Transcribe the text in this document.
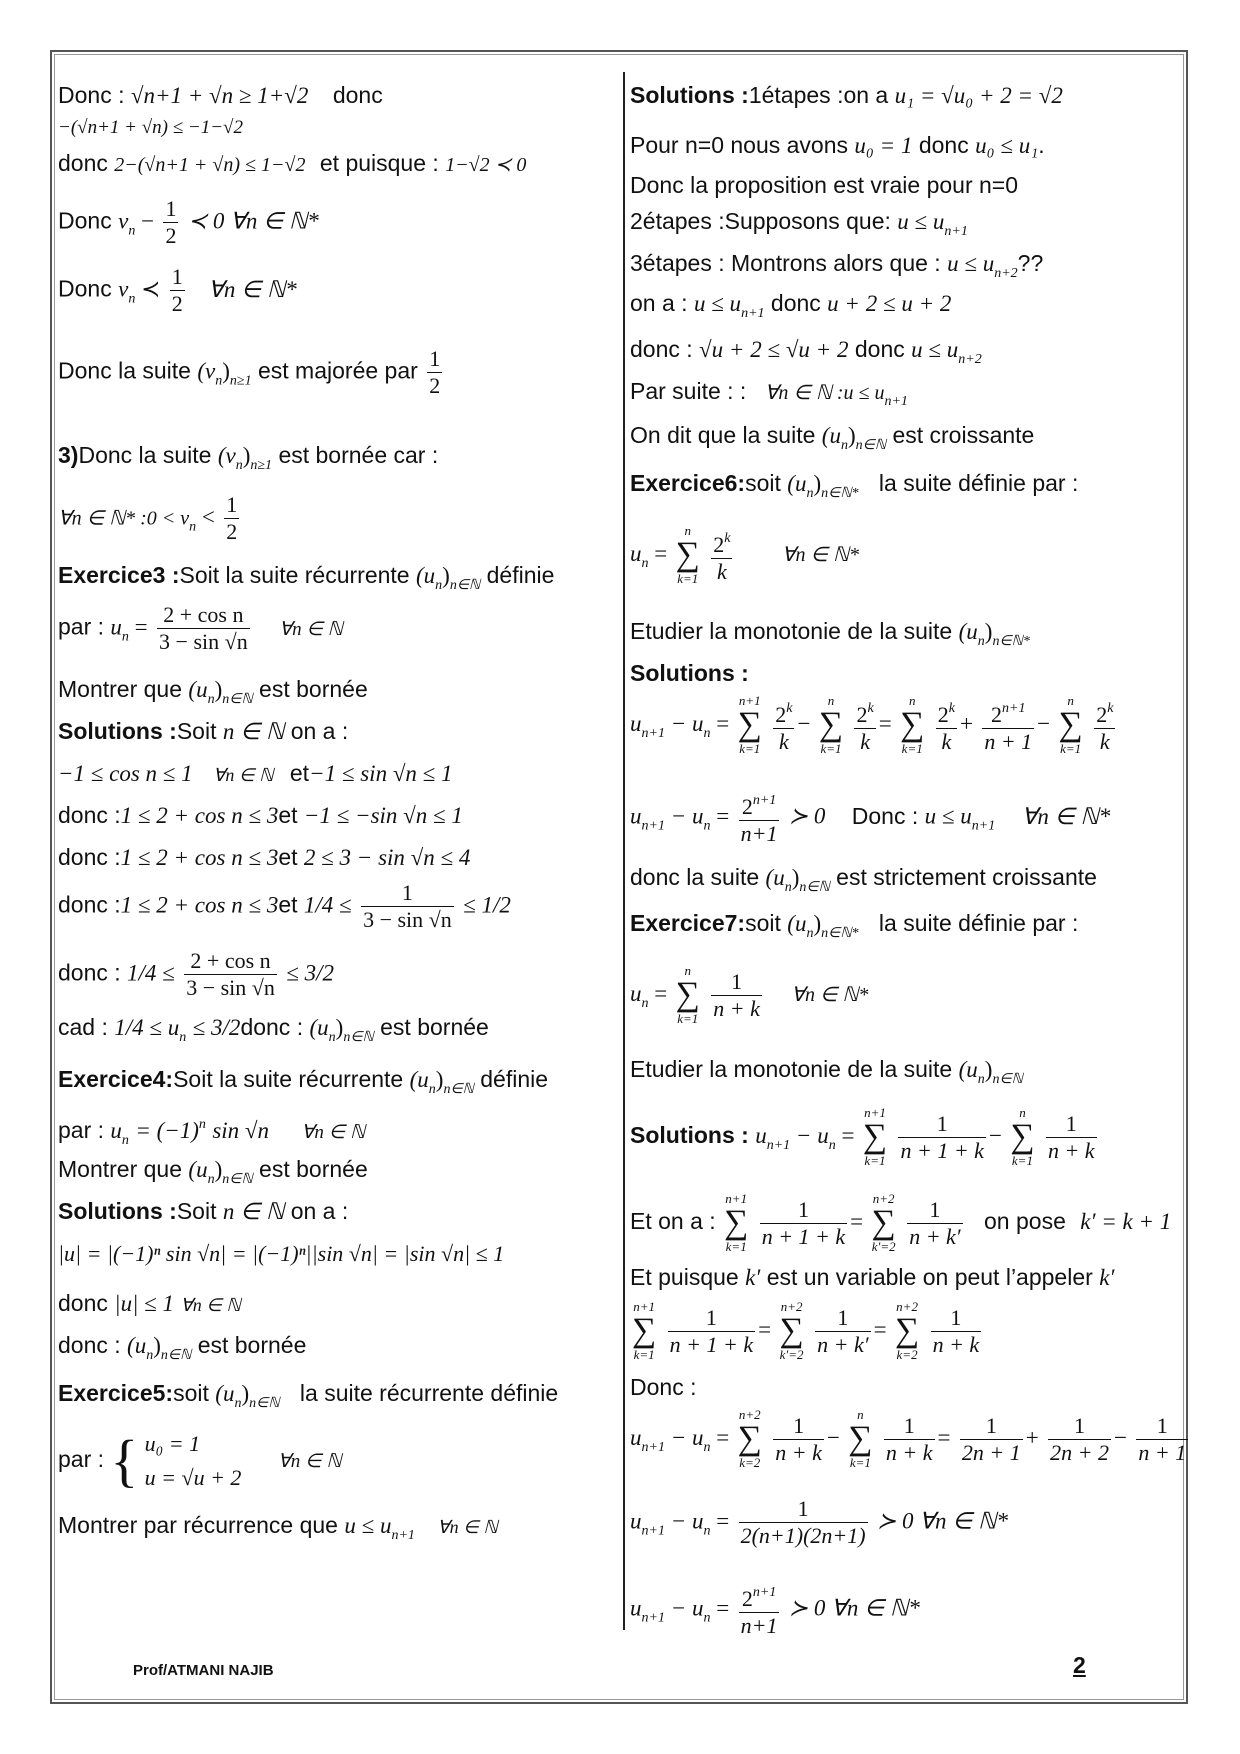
Donc : √n+1 + √n ≥ 1+√2 donc
−(√n+1 + √n) ≤ −1−√2
donc 2−(√n+1 + √n) ≤ 1−√2 et puisque : 1−√2 ≺ 0
Donc $v_n - \frac{1}{2}$ ≺ 0 ∀n ∈ ℕ*
Donc $v_n$ ≺ $\frac{1}{2}$ ∀n ∈ ℕ*
Donc la suite $(v_n)_{n\ge 1}$ est majorée par $\frac{1}{2}$
3)Donc la suite $(v_n)_{n\ge 1}$ est bornée car :
∀n ∈ ℕ* :0 < $v_n < \frac{1}{2}$
Exercice3 :Soit la suite récurrente $(u_n)_{n\in ℕ}$ définie
par : $u_n = \frac{\text{2 + cos n}}{3 - \sin √n}$ ∀n ∈ ℕ
Montrer que $(u_n)_{n\in ℕ}$ est bornée
Solutions :Soit n ∈ ℕ on a :
−1 ≤ cos n ≤ 1 ∀n ∈ ℕ et−1 ≤ sin √n ≤ 1
donc :1 ≤ 2 + cos n ≤ 3et −1 ≤ −sin √n ≤ 1
donc :1 ≤ 2 + cos n ≤ 3et 2 ≤ 3 − sin √n ≤ 4
donc :1 ≤ 2 + cos n ≤ 3et $1/4 \le \frac{1}{3 - \sin √n} \le 1/2$
donc : $1/4 \le \frac{\text{2 + cos n}}{3 - \sin √n} \le 3/2$
cad : $1/4 \le u_n$ ≤ 3/2donc : $(u_n)_{n\in ℕ}$ est bornée
Exercice4:Soit la suite récurrente $(u_n)_{n\in ℕ}$ définie
par : $u_n = (-1)^n$ sin √n ∀n ∈ ℕ
Montrer que $(u_n)_{n\in ℕ}$ est bornée
Solutions :Soit n ∈ ℕ on a :
|u| = |(−1)ⁿ sin √n| = |(−1)ⁿ||sin √n| = |sin √n| ≤ 1
donc |u| ≤ 1 ∀n ∈ ℕ
donc : $(u_n)_{n\in ℕ}$ est bornée
Exercice5:soit $(u_n)_{n\in ℕ}$ la suite récurrente définie
par : { u₀ = 1
u = √u + 2
∀n ∈ ℕ
Montrer par récurrence que $u \le u_{n+1}$ ∀n ∈ ℕ
Solutions :1étapes :on a u₁ = √u₀ + 2 = √2
Pour n=0 nous avons u₀ = 1 donc u₀ ≤ u₁.
Donc la proposition est vraie pour n=0
2étapes :Supposons que: $u \le u_{n+1}$
3étapes : Montrons alors que : $u \le u_{n+2}$??
on a : $u \le u_{n+1}$ donc u + 2 ≤ u + 2
donc : √u + 2 ≤ √u + 2 donc $u \le u_{n+2}$
Par suite : : ∀n ∈ ℕ :u ≤ $u_{n+1}$
On dit que la suite $(u_n)_{n\in ℕ}$ est croissante
Exercice6:soit $(u_n)_{n\in ℕ*}$ la suite définie par :
$u_n$ =
n
∑
k=1
$\frac{2^k}{k}$ ∀n ∈ ℕ*
Etudier la monotonie de la suite $(u_n)_{n\in ℕ*}$
Solutions :
$u_{n+1} - u_n$ =
n+1
∑
k=1
$\frac{2^k}{k}$ −
n
∑
k=1
$\frac{2^k}{k}$ =
n
∑
k=1
$\frac{2^k}{k} + \frac{2^{n+1}}{n + 1}$ −
n
∑
k=1
$\frac{2^k}{k}$
$u_{n+1} - u_n = \frac{2^{n+1}}{n+1}$ ≻ 0 Donc : $u \le u_{n+1}$ ∀n ∈ ℕ*
donc la suite $(u_n)_{n\in ℕ}$ est strictement croissante
Exercice7:soit $(u_n)_{n\in ℕ*}$ la suite définie par :
$u_n$ =
n
∑
k=1
$\frac{1}{n + k}$ ∀n ∈ ℕ*
Etudier la monotonie de la suite $(u_n)_{n\in ℕ}$
Solutions : $u_{n+1} - u_n$ =
n+1
∑
k=1
$\frac{1}{n + 1 + k}$ −
n
∑
k=1
$\frac{1}{n + k}$
Et on a :
n+1
∑
k=1
$\frac{1}{n + 1 + k}$ =
n+2
∑
k′=2
$\frac{1}{n + k'}$ on pose k′ = k + 1
Et puisque k′ est un variable on peut l’appeler k′
n+1
∑
k=1
$\frac{1}{n + 1 + k}$ =
n+2
∑
k′=2
$\frac{1}{n + k'}$ =
n+2
∑
k=2
$\frac{1}{n + k}$
Donc :
$u_{n+1} - u_n$ =
n+2
∑
k=2
$\frac{1}{n + k}$ −
n
∑
k=1
$\frac{1}{n + k} = \frac{1}{2n + 1} + \frac{1}{2n + 2} - \frac{1}{n + 1}$
$u_{n+1} - u_n = \frac{1}{2(n+1)(2n+1)}$ ≻ 0 ∀n ∈ ℕ*
$u_{n+1} - u_n = \frac{2^{n+1}}{n+1}$ ≻ 0 ∀n ∈ ℕ*
Prof/ATMANI NAJIB	2
